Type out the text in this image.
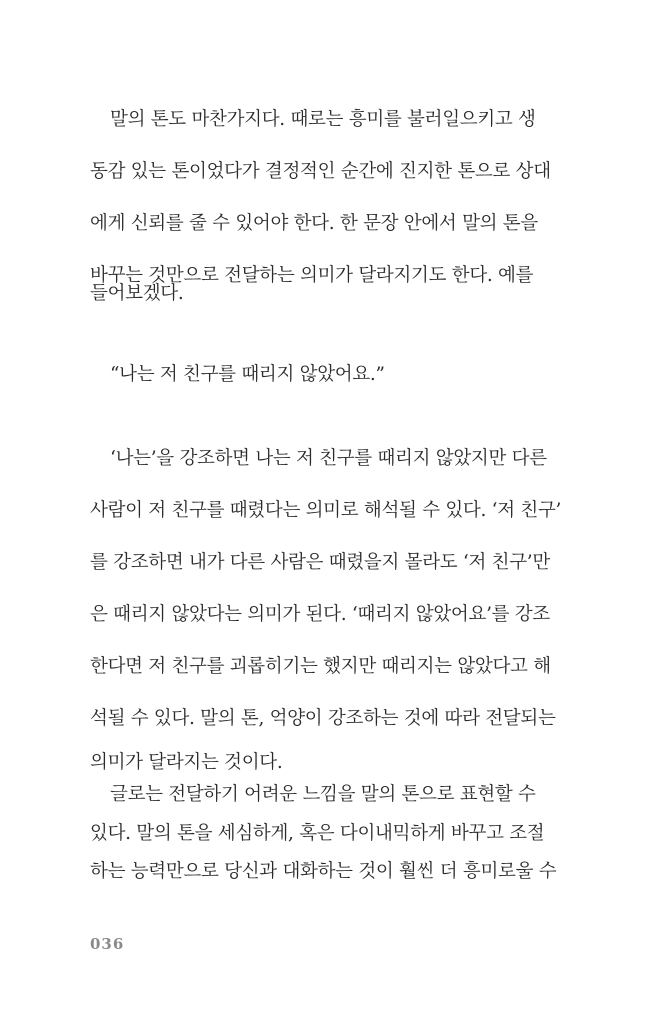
말의 톤도 마찬가지다. 때로는 흥미를 불러일으키고 생
동감 있는 톤이었다가 결정적인 순간에 진지한 톤으로 상대
에게 신뢰를 줄 수 있어야 한다. 한 문장 안에서 말의 톤을
바꾸는 것만으로 전달하는 의미가 달라지기도 한다. 예를
들어보겠다.
“나는 저 친구를 때리지 않았어요.”
‘나는’을 강조하면 나는 저 친구를 때리지 않았지만 다른
사람이 저 친구를 때렸다는 의미로 해석될 수 있다. ‘저 친구’
를 강조하면 내가 다른 사람은 때렸을지 몰라도 ‘저 친구’만
은 때리지 않았다는 의미가 된다. ‘때리지 않았어요’를 강조
한다면 저 친구를 괴롭히기는 했지만 때리지는 않았다고 해
석될 수 있다. 말의 톤, 억양이 강조하는 것에 따라 전달되는
의미가 달라지는 것이다.
글로는 전달하기 어려운 느낌을 말의 톤으로 표현할 수
있다. 말의 톤을 세심하게, 혹은 다이내믹하게 바꾸고 조절
하는 능력만으로 당신과 대화하는 것이 훨씬 더 흥미로울 수
036
